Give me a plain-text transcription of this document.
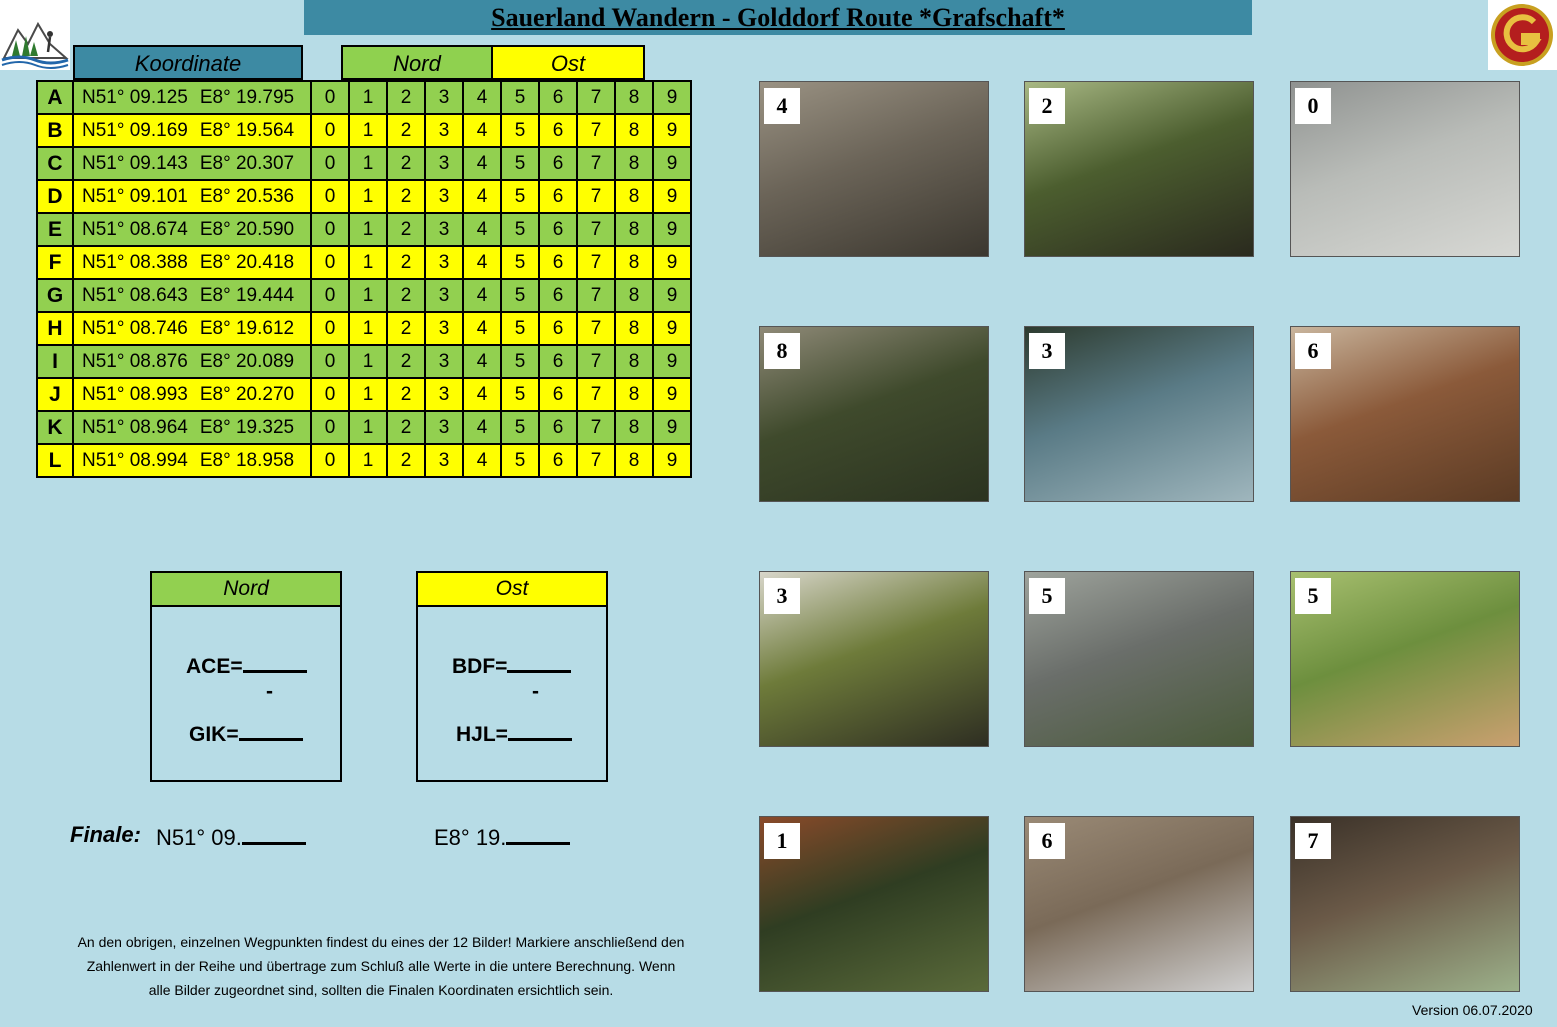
Sauerland Wandern - Golddorf Route *Grafschaft*
Koordinate	Nord	Ost
A	N51° 09.125 E8° 19.795	0	1	2	3	4	5	6	7	8	9
B	N51° 09.169 E8° 19.564	0	1	2	3	4	5	6	7	8	9
C	N51° 09.143 E8° 20.307	0	1	2	3	4	5	6	7	8	9
D	N51° 09.101 E8° 20.536	0	1	2	3	4	5	6	7	8	9
E	N51° 08.674 E8° 20.590	0	1	2	3	4	5	6	7	8	9
F	N51° 08.388 E8° 20.418	0	1	2	3	4	5	6	7	8	9
G	N51° 08.643 E8° 19.444	0	1	2	3	4	5	6	7	8	9
H	N51° 08.746 E8° 19.612	0	1	2	3	4	5	6	7	8	9
I	N51° 08.876 E8° 20.089	0	1	2	3	4	5	6	7	8	9
J	N51° 08.993 E8° 20.270	0	1	2	3	4	5	6	7	8	9
K	N51° 08.964 E8° 19.325	0	1	2	3	4	5	6	7	8	9
L	N51° 08.994 E8° 18.958	0	1	2	3	4	5	6	7	8	9
Nord
ACE=
-
GIK=
Ost
BDF=
-
HJL=
Finale: N51° 09.	E8° 19.
An den obrigen, einzelnen Wegpunkten findest du eines der 12 Bilder! Markiere anschließend den Zahlenwert in der Reihe und übertrage zum Schluß alle Werte in die untere Berechnung. Wenn alle Bilder zugeordnet sind, sollten die Finalen Koordinaten ersichtlich sein.
Version 06.07.2020
4	2	0
8	3	6
3	5	5
1	6	7
